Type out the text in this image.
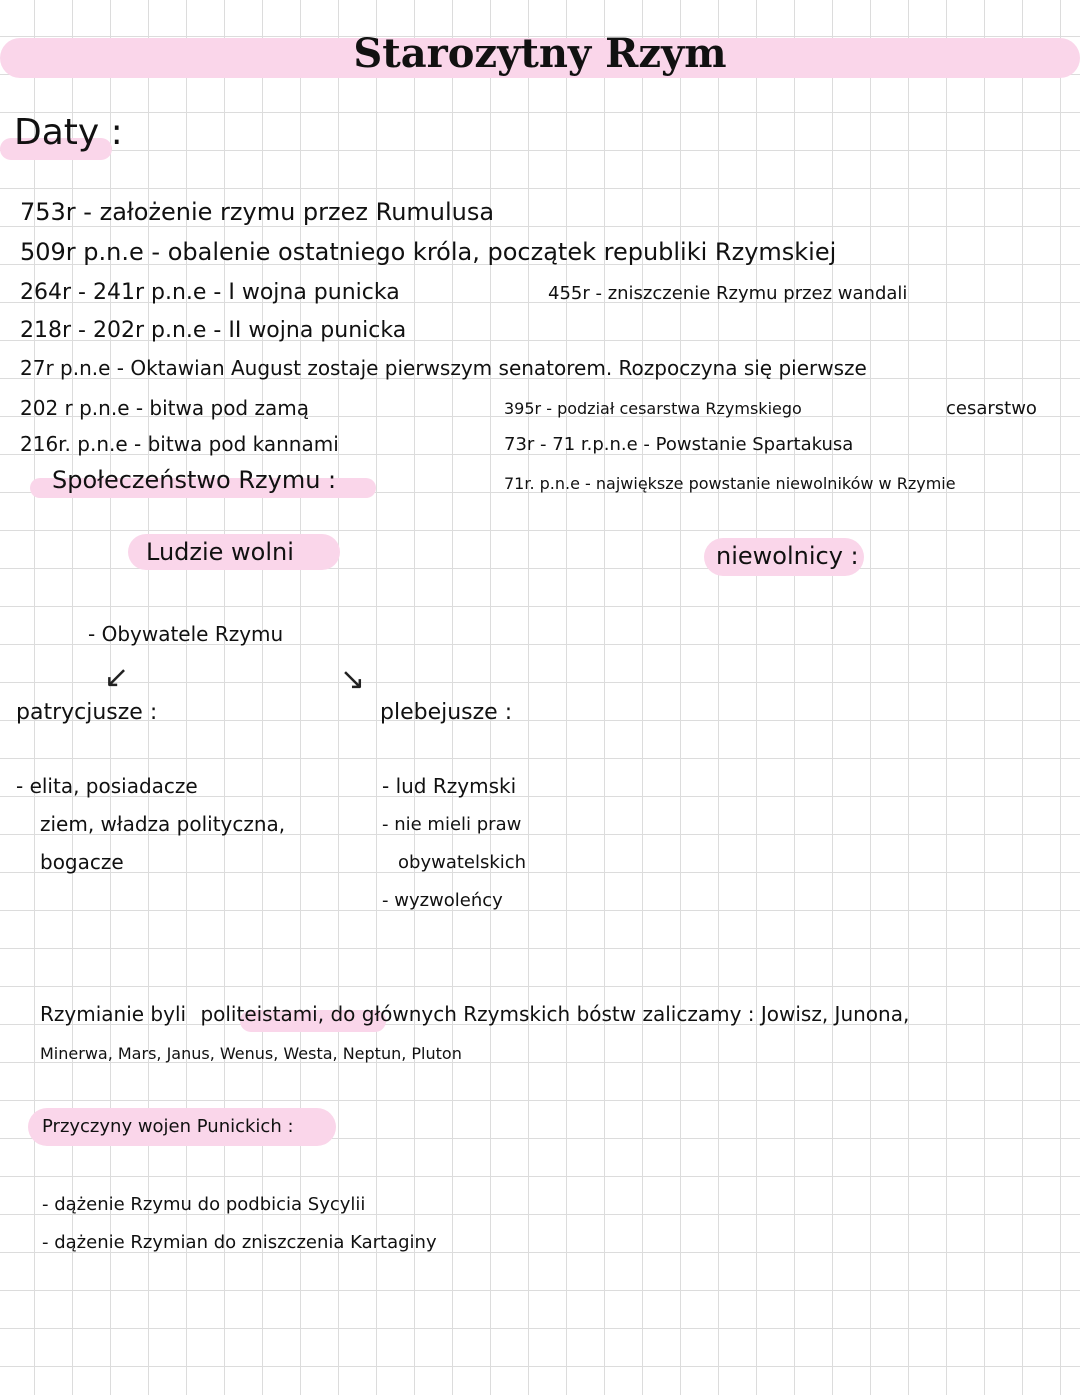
Starozytny Rzym
Daty :
753r - założenie rzymu przez Rumulusa
509r p.n.e - obalenie ostatniego króla, początek republiki Rzymskiej
264r - 241r p.n.e - I wojna punicka	455r - zniszczenie Rzymu przez wandali
218r - 202r p.n.e - II wojna punicka
27r p.n.e - Oktawian August zostaje pierwszym senatorem. Rozpoczyna się pierwsze
cesarstwo
202 r p.n.e - bitwa pod zamą	395r - podział cesarstwa Rzymskiego
216r. p.n.e - bitwa pod kannami	73r - 71 r.p.n.e - Powstanie Spartakusa
71r. p.n.e - największe powstanie niewolników w Rzymie
Społeczeństwo Rzymu :
Ludzie wolni	niewolnicy :
- Obywatele Rzymu
↙	↘
patrycjusze :
- elita, posiadacze
ziem, władza polityczna,
bogacze
plebejusze :
- lud Rzymski
- nie mieli praw
obywatelskich
- wyzwoleńcy
Rzymianie byli politeistami, do głównych Rzymskich bóstw zaliczamy : Jowisz, Junona,
Minerwa, Mars, Janus, Wenus, Westa, Neptun, Pluton
Przyczyny wojen Punickich :
- dążenie Rzymu do podbicia Sycylii
- dążenie Rzymian do zniszczenia Kartaginy
